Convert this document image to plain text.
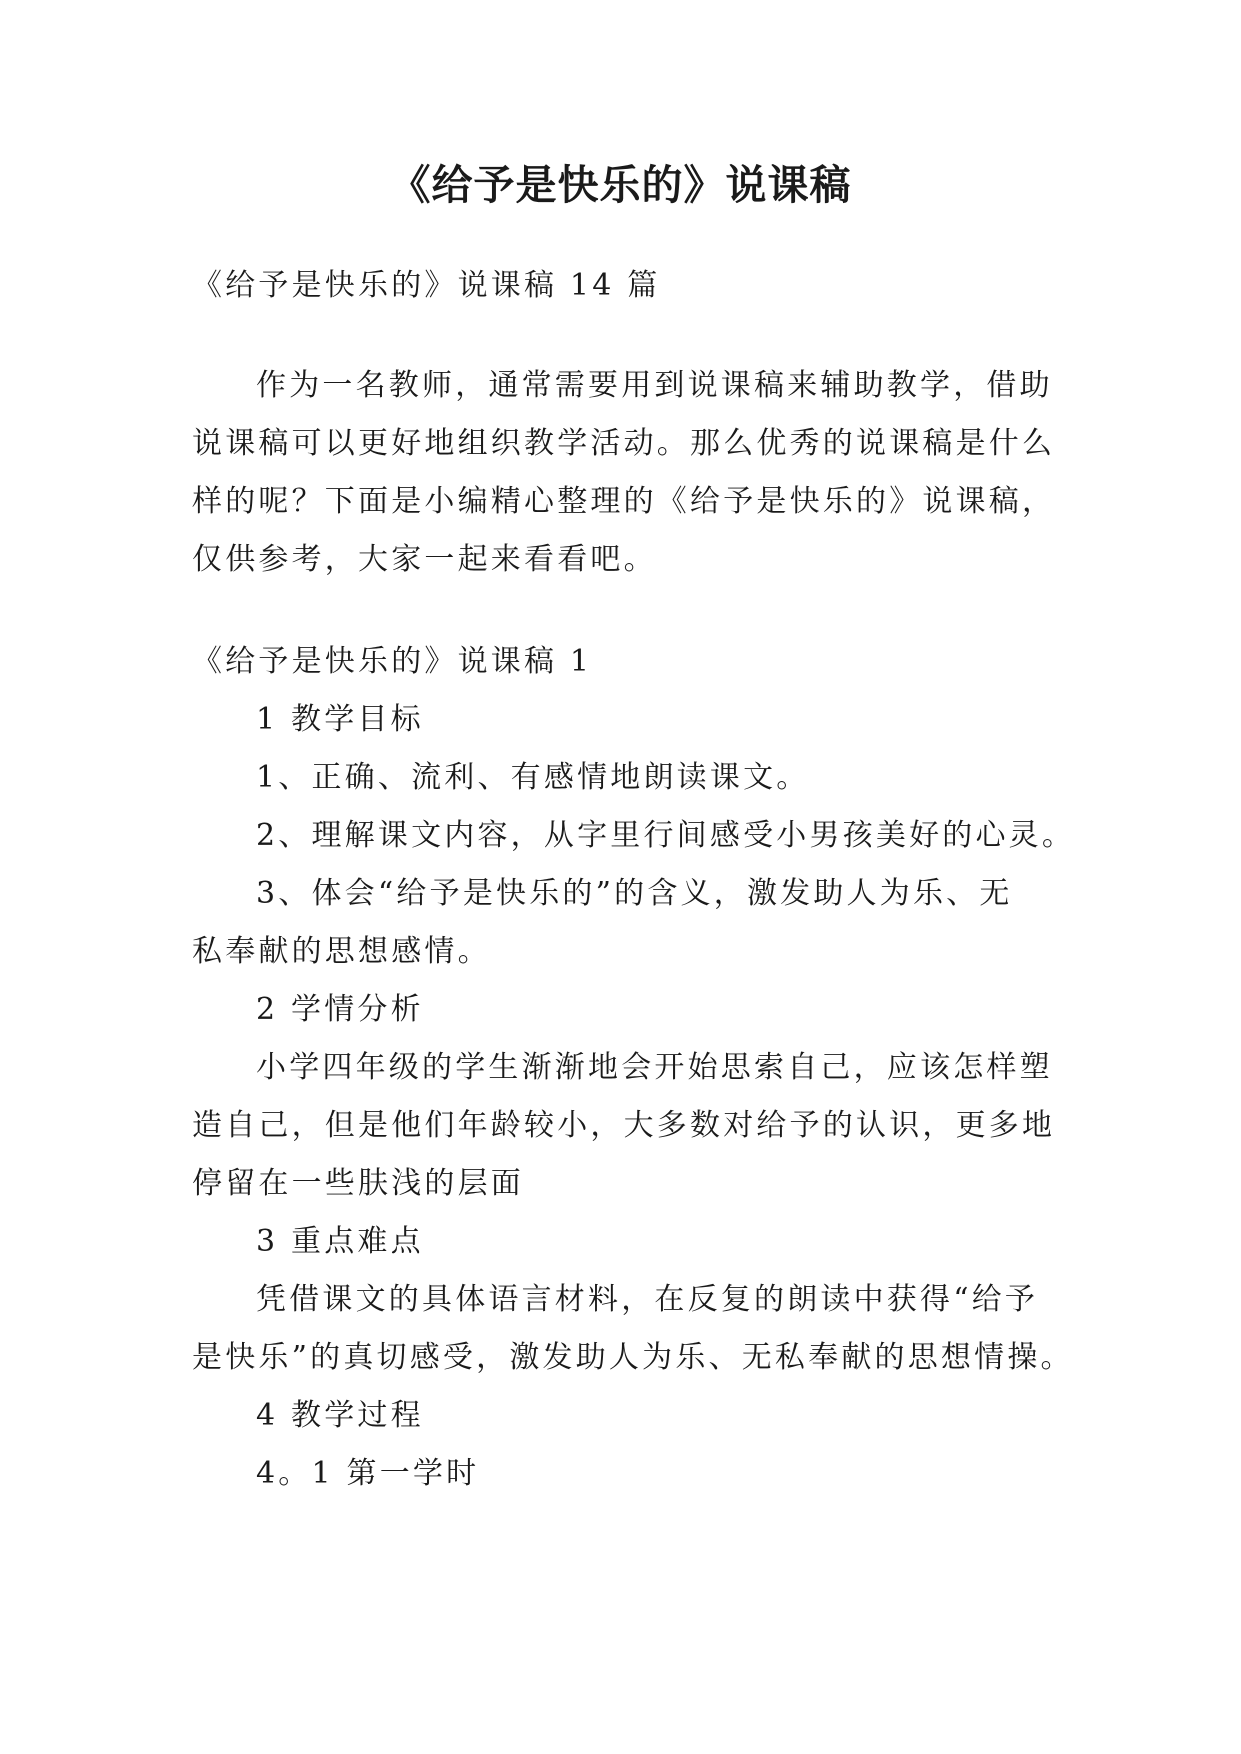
《给予是快乐的》说课稿
《给予是快乐的》说课稿 14 篇
作为一名教师，通常需要用到说课稿来辅助教学，借助
说课稿可以更好地组织教学活动。那么优秀的说课稿是什么
样的呢？下面是小编精心整理的《给予是快乐的》说课稿，
仅供参考，大家一起来看看吧。
《给予是快乐的》说课稿 1
1 教学目标
1、正确、流利、有感情地朗读课文。
2、理解课文内容，从字里行间感受小男孩美好的心灵。
3、体会“给予是快乐的”的含义，激发助人为乐、无
私奉献的思想感情。
2 学情分析
小学四年级的学生渐渐地会开始思索自己，应该怎样塑
造自己，但是他们年龄较小，大多数对给予的认识，更多地
停留在一些肤浅的层面
3 重点难点
凭借课文的具体语言材料，在反复的朗读中获得“给予
是快乐”的真切感受，激发助人为乐、无私奉献的思想情操。
4 教学过程
4。1 第一学时
